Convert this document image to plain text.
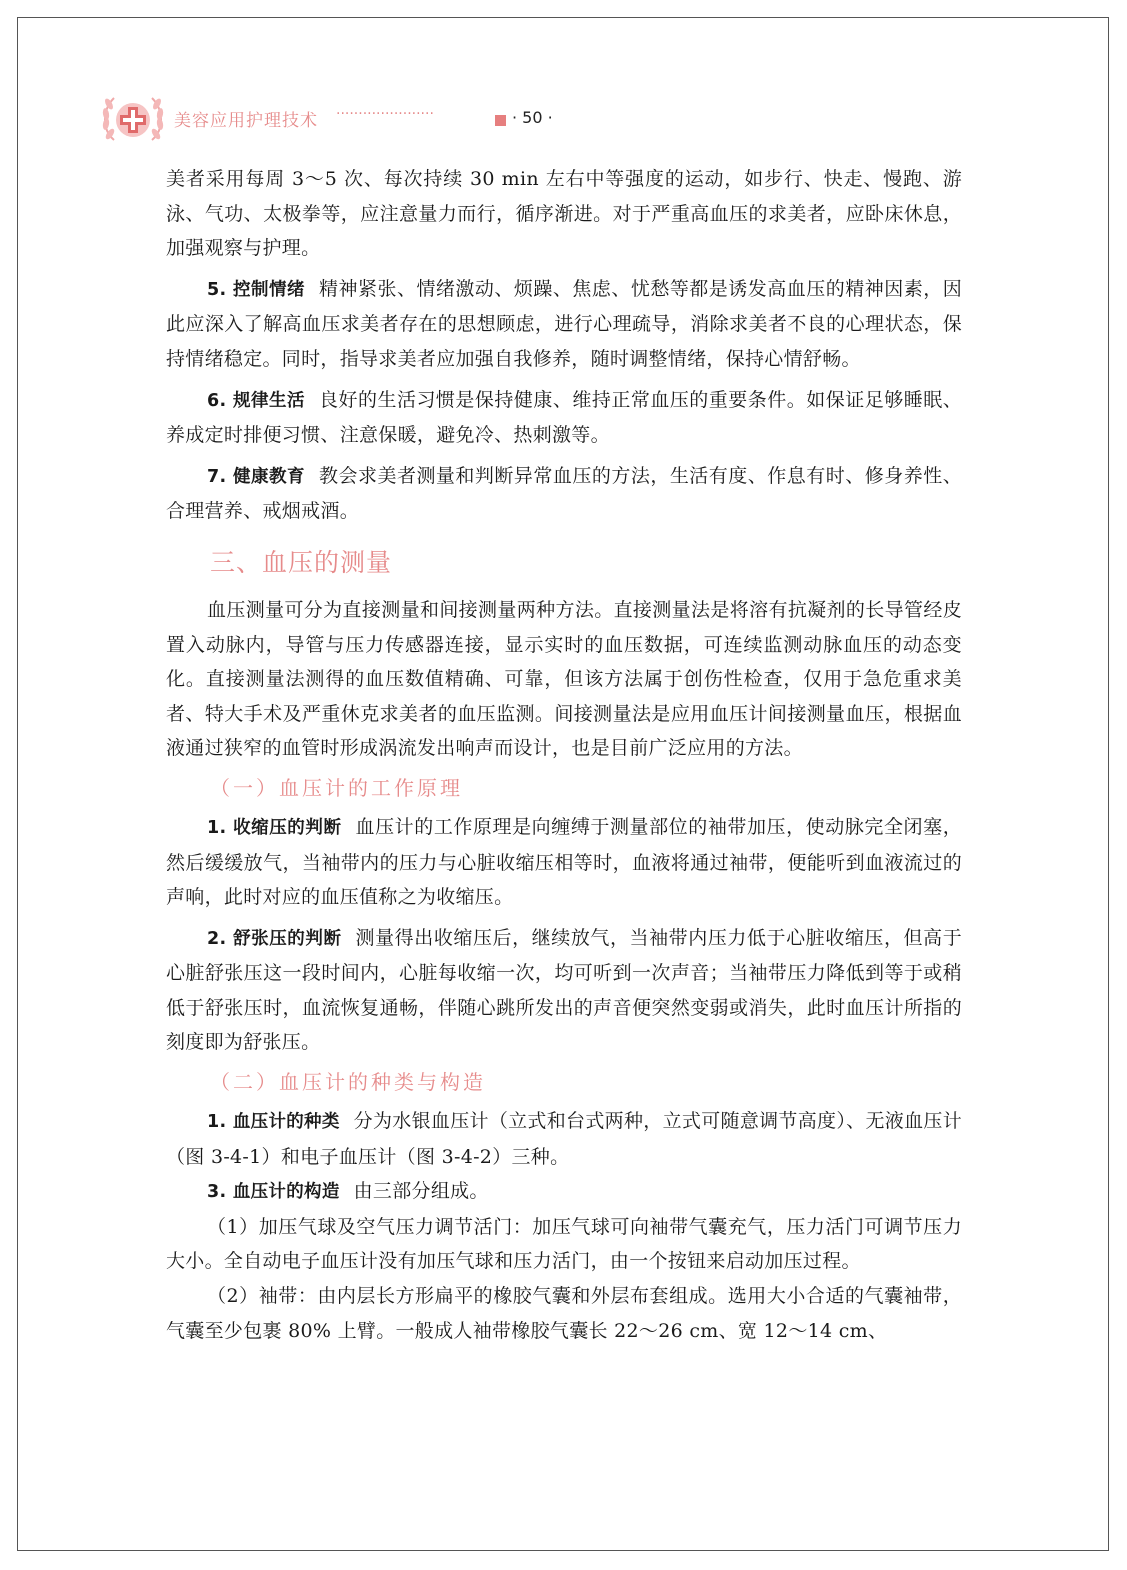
美容应用护理技术 ······················	· 50 ·

美者采用每周 3～5 次、每次持续 30 min 左右中等强度的运动，如步行、快走、慢跑、游泳、气功、太极拳等，应注意量力而行，循序渐进。对于严重高血压的求美者，应卧床休息，加强观察与护理。

5. 控制情绪 精神紧张、情绪激动、烦躁、焦虑、忧愁等都是诱发高血压的精神因素，因此应深入了解高血压求美者存在的思想顾虑，进行心理疏导，消除求美者不良的心理状态，保持情绪稳定。同时，指导求美者应加强自我修养，随时调整情绪，保持心情舒畅。

6. 规律生活 良好的生活习惯是保持健康、维持正常血压的重要条件。如保证足够睡眠、养成定时排便习惯、注意保暖，避免冷、热刺激等。

7. 健康教育 教会求美者测量和判断异常血压的方法，生活有度、作息有时、修身养性、合理营养、戒烟戒酒。

三、血压的测量

血压测量可分为直接测量和间接测量两种方法。直接测量法是将溶有抗凝剂的长导管经皮置入动脉内，导管与压力传感器连接，显示实时的血压数据，可连续监测动脉血压的动态变化。直接测量法测得的血压数值精确、可靠，但该方法属于创伤性检查，仅用于急危重求美者、特大手术及严重休克求美者的血压监测。间接测量法是应用血压计间接测量血压，根据血液通过狭窄的血管时形成涡流发出响声而设计，也是目前广泛应用的方法。

（一）血压计的工作原理

1. 收缩压的判断 血压计的工作原理是向缠缚于测量部位的袖带加压，使动脉完全闭塞，然后缓缓放气，当袖带内的压力与心脏收缩压相等时，血液将通过袖带，便能听到血液流过的声响，此时对应的血压值称之为收缩压。

2. 舒张压的判断 测量得出收缩压后，继续放气，当袖带内压力低于心脏收缩压，但高于心脏舒张压这一段时间内，心脏每收缩一次，均可听到一次声音；当袖带压力降低到等于或稍低于舒张压时，血流恢复通畅，伴随心跳所发出的声音便突然变弱或消失，此时血压计所指的刻度即为舒张压。

（二）血压计的种类与构造

1. 血压计的种类 分为水银血压计（立式和台式两种，立式可随意调节高度）、无液血压计（图 3-4-1）和电子血压计（图 3-4-2）三种。

3. 血压计的构造 由三部分组成。

（1）加压气球及空气压力调节活门：加压气球可向袖带气囊充气，压力活门可调节压力大小。全自动电子血压计没有加压气球和压力活门，由一个按钮来启动加压过程。

（2）袖带：由内层长方形扁平的橡胶气囊和外层布套组成。选用大小合适的气囊袖带，气囊至少包裹 80% 上臂。一般成人袖带橡胶气囊长 22～26 cm、宽 12～14 cm、
